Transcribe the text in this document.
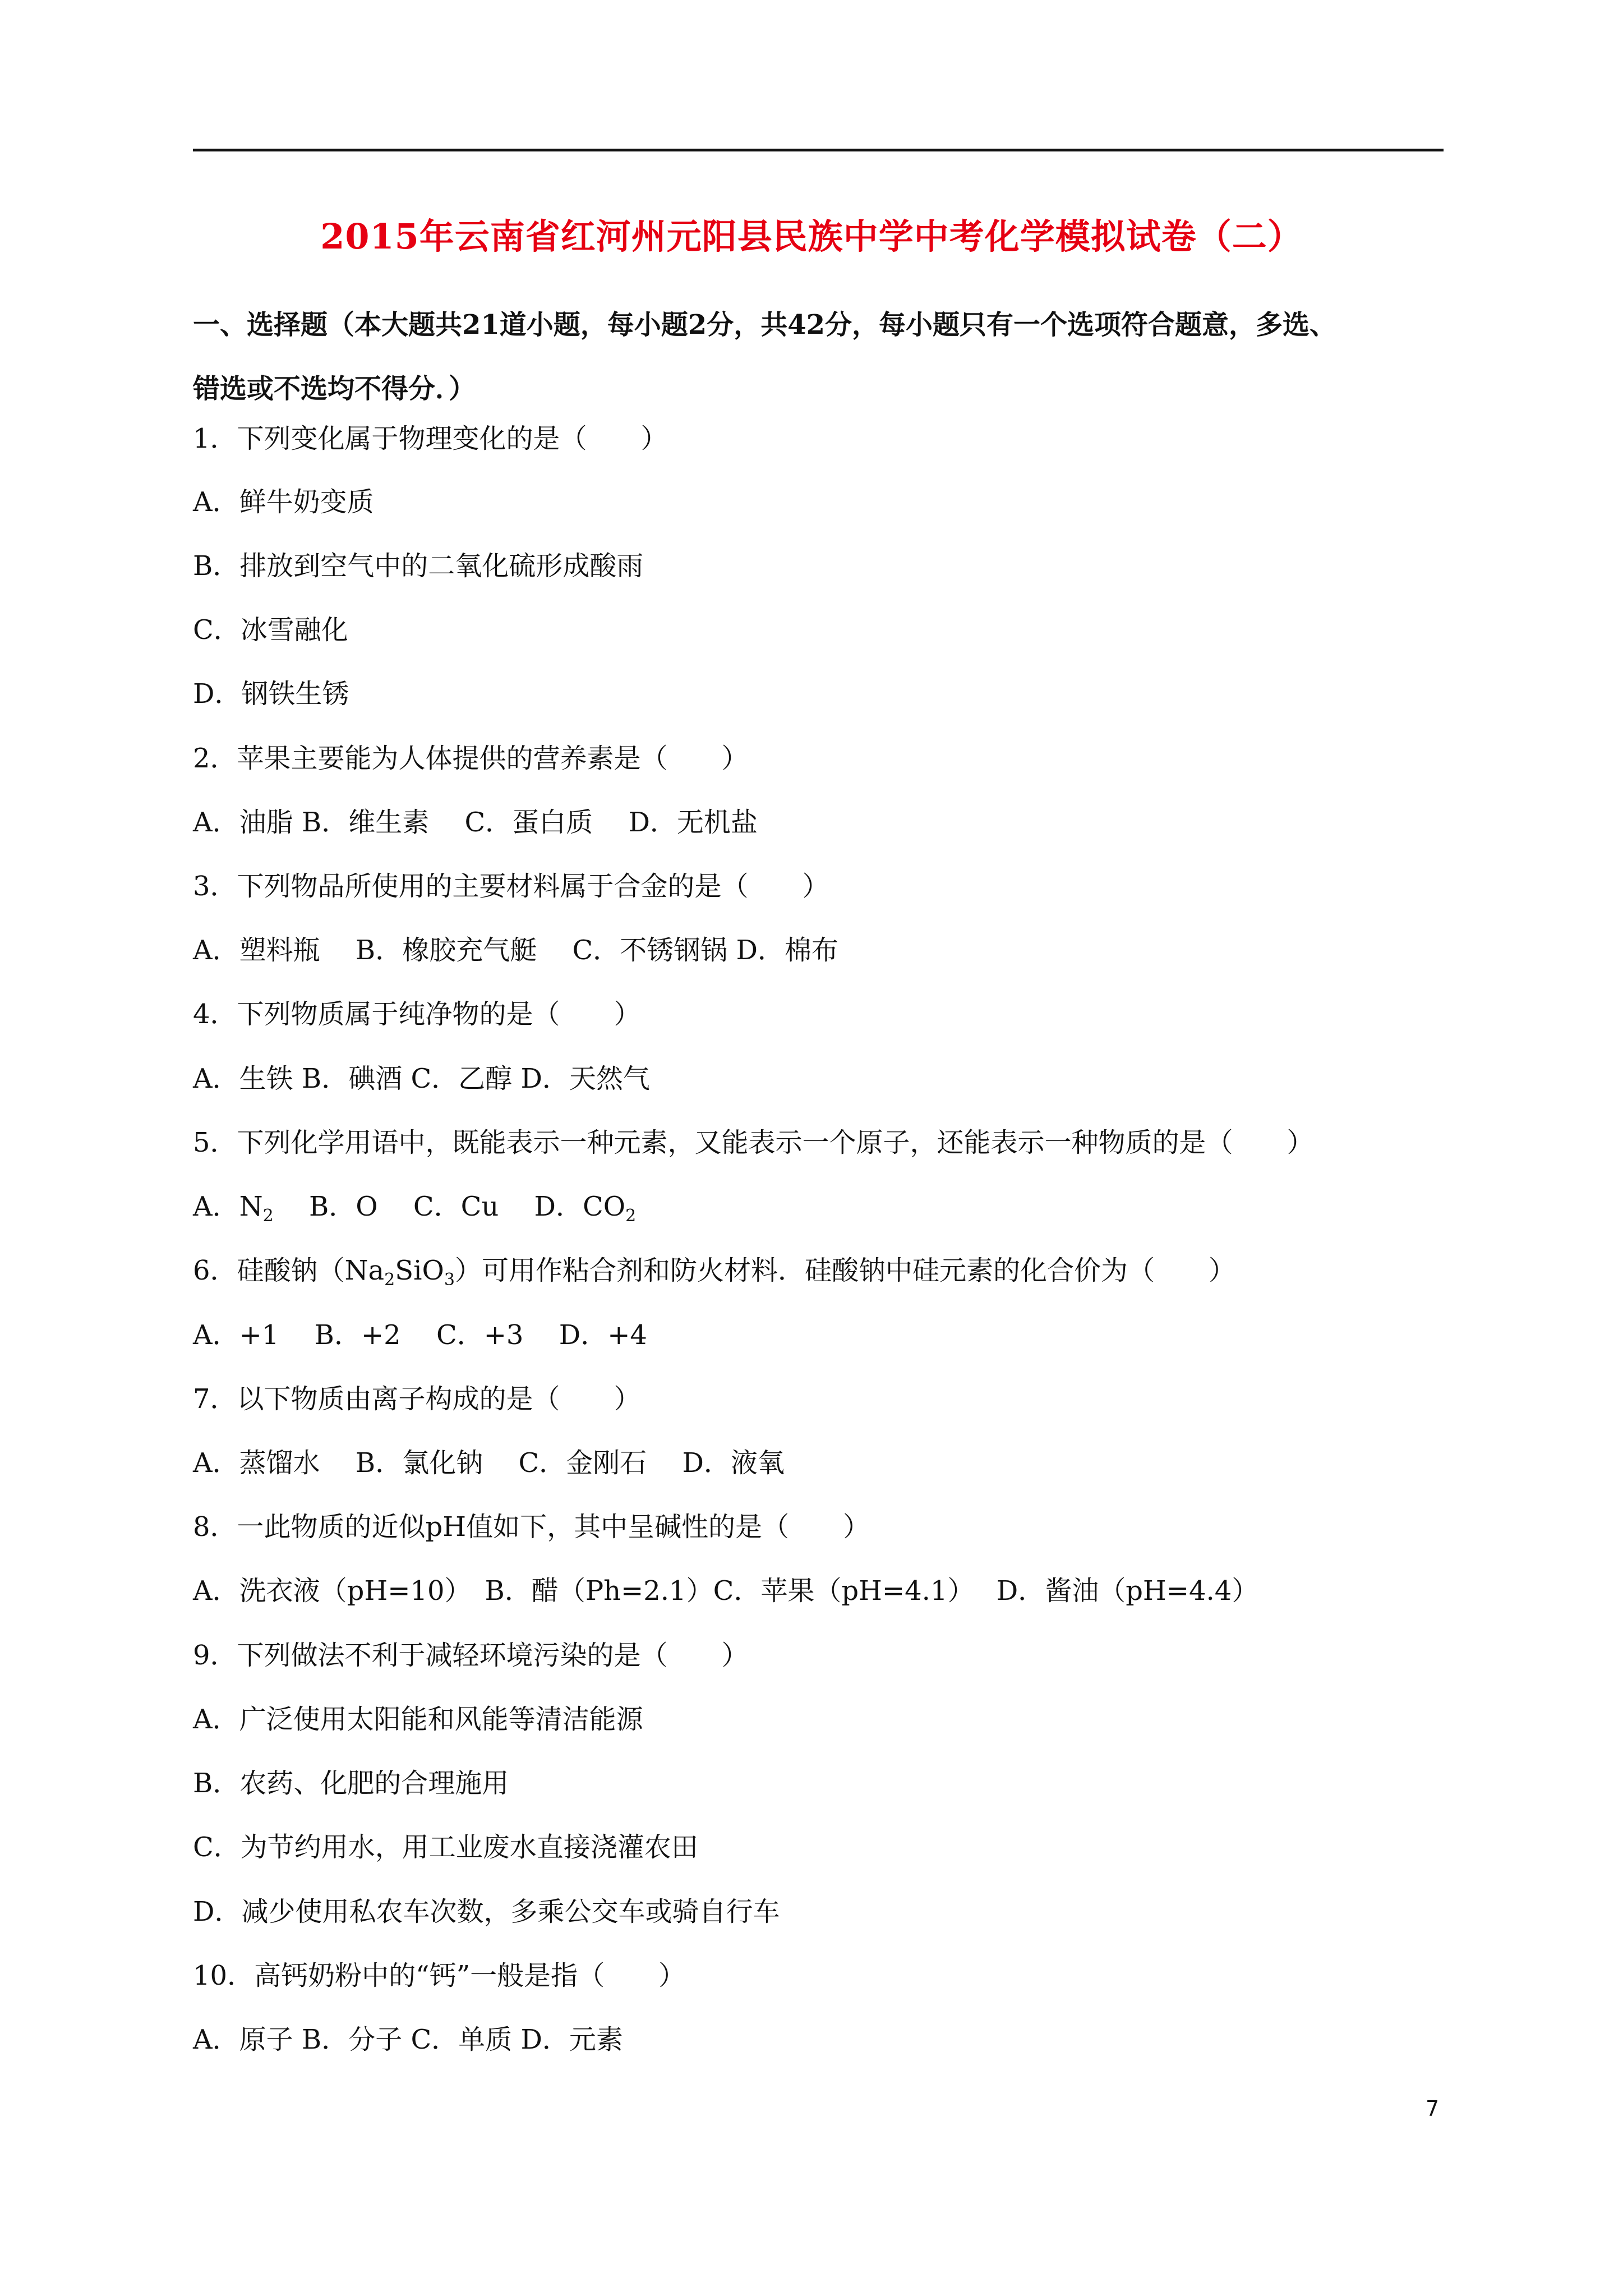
2015年云南省红河州元阳县民族中学中考化学模拟试卷（二）
一、选择题（本大题共21道小题，每小题2分，共42分，每小题只有一个选项符合题意，多选、
错选或不选均不得分．）
1．下列变化属于物理变化的是（　　）
A．鲜牛奶变质
B．排放到空气中的二氧化硫形成酸雨
C．冰雪融化
D．钢铁生锈
2．苹果主要能为人体提供的营养素是（　　）
A．油脂 B．维生素　 C．蛋白质　 D．无机盐
3．下列物品所使用的主要材料属于合金的是（　　）
A．塑料瓶　 B．橡胶充气艇　 C．不锈钢锅 D．棉布
4．下列物质属于纯净物的是（　　）
A．生铁 B．碘酒 C．乙醇 D．天然气
5．下列化学用语中，既能表示一种元素，又能表示一个原子，还能表示一种物质的是（　　）
A．$N_2$　 B．O　 C．Cu　 D．$CO_2$
6．硅酸钠$(Na_2SiO_3)$可用作粘合剂和防火材料．硅酸钠中硅元素的化合价为（　　）
A．+1　 B．+2　 C．+3　 D．+4
7．以下物质由离子构成的是（　　）
A．蒸馏水　 B．氯化钠　 C．金刚石　 D．液氧
8．一此物质的近似pH值如下，其中呈碱性的是（　　）
A．洗衣液（pH=10）　B．醋（Ph=2.1）C．苹果（pH=4.1）　 D．酱油（pH=4.4）
9．下列做法不利于减轻环境污染的是（　　）
A．广泛使用太阳能和风能等清洁能源
B．农药、化肥的合理施用
C．为节约用水，用工业废水直接浇灌农田
D．减少使用私农车次数，多乘公交车或骑自行车
10．高钙奶粉中的“钙”一般是指（　　）
A．原子 B．分子 C．单质 D．元素
7
